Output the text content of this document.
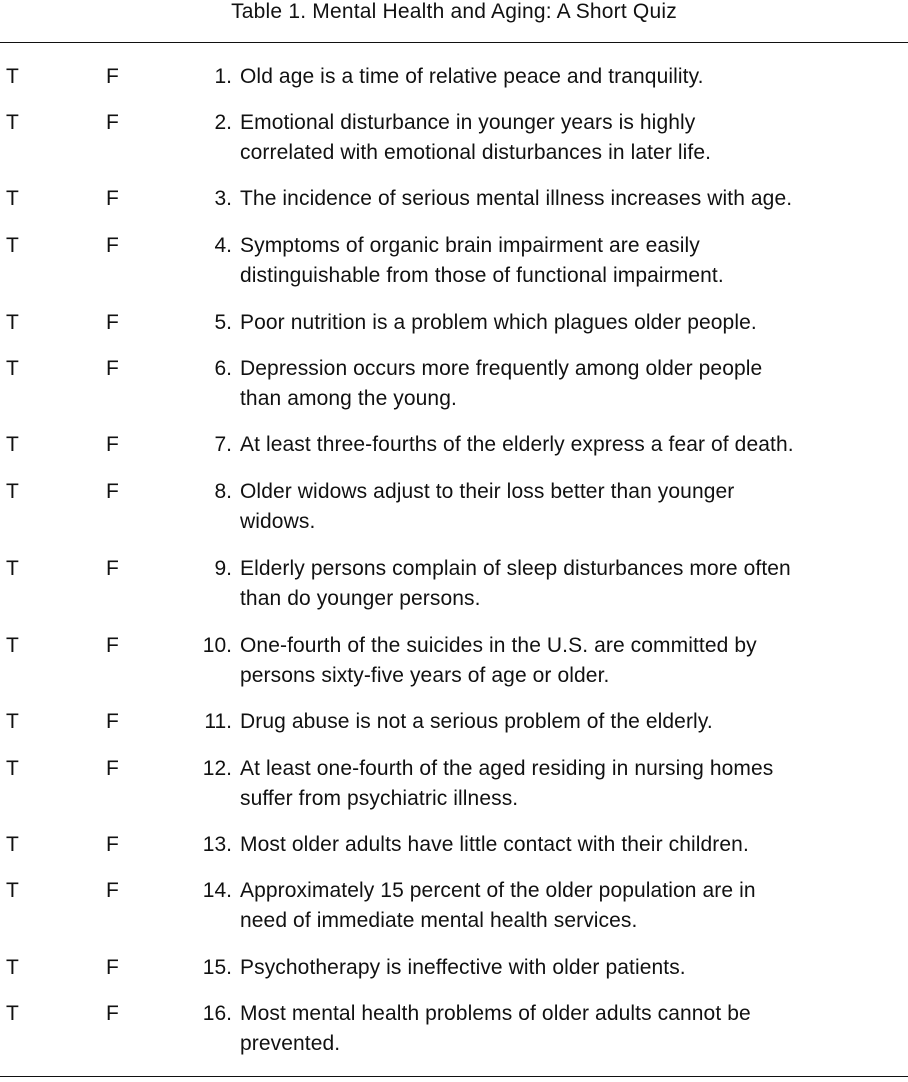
Table 1. Mental Health and Aging: A Short Quiz
T	F	1. Old age is a time of relative peace and tranquility.
T	F	2. Emotional disturbance in younger years is highly
correlated with emotional disturbances in later life.
T	F	3. The incidence of serious mental illness increases with age.
T	F	4. Symptoms of organic brain impairment are easily
distinguishable from those of functional impairment.
T	F	5. Poor nutrition is a problem which plagues older people.
T	F	6. Depression occurs more frequently among older people
than among the young.
T	F	7. At least three-fourths of the elderly express a fear of death.
T	F	8. Older widows adjust to their loss better than younger
widows.
T	F	9. Elderly persons complain of sleep disturbances more often
than do younger persons.
T	F	10. One-fourth of the suicides in the U.S. are committed by
persons sixty-five years of age or older.
T	F	11. Drug abuse is not a serious problem of the elderly.
T	F	12. At least one-fourth of the aged residing in nursing homes
suffer from psychiatric illness.
T	F	13. Most older adults have little contact with their children.
T	F	14. Approximately 15 percent of the older population are in
need of immediate mental health services.
T	F	15. Psychotherapy is ineffective with older patients.
T	F	16. Most mental health problems of older adults cannot be
prevented.
